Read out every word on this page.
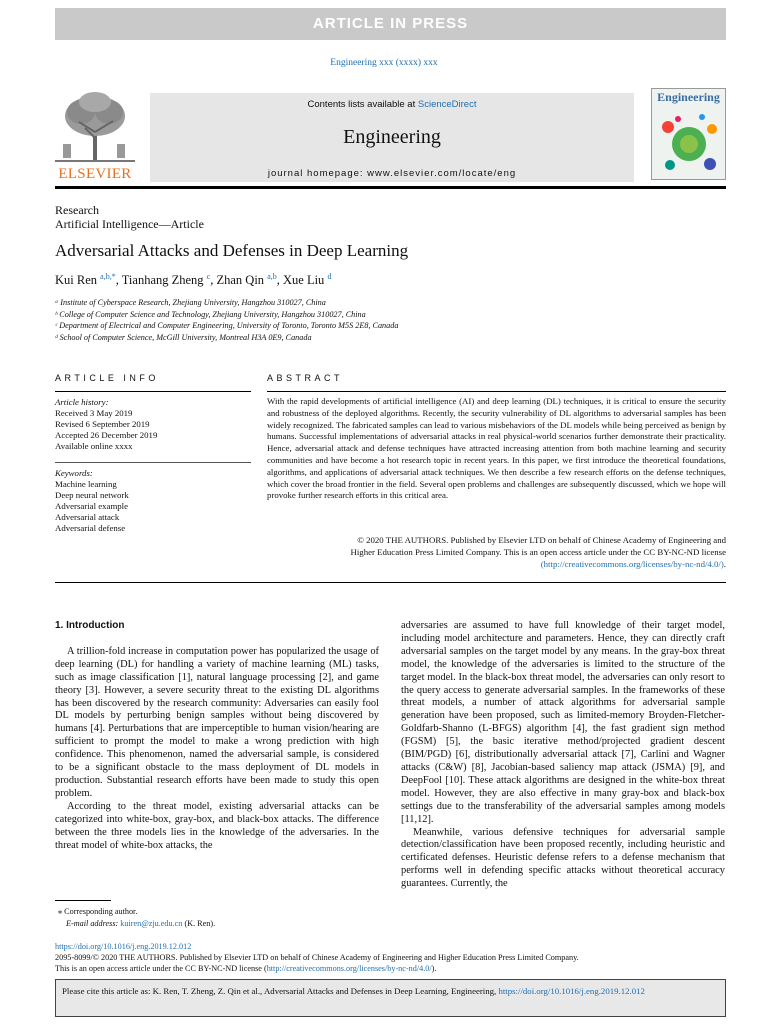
ARTICLE IN PRESS
Engineering xxx (xxxx) xxx
ELSEVIER
Contents lists available at ScienceDirect
Engineering
journal homepage: www.elsevier.com/locate/eng
Engineering
Research
Artificial Intelligence—Article
Adversarial Attacks and Defenses in Deep Learning
Kui Ren $^{a,b,*}$, Tianhang Zheng $^c$, Zhan Qin $^{a,b}$, Xue Liu $^d$
ᵃ Institute of Cyberspace Research, Zhejiang University, Hangzhou 310027, China
ᵇ College of Computer Science and Technology, Zhejiang University, Hangzhou 310027, China
ᶜ Department of Electrical and Computer Engineering, University of Toronto, Toronto M5S 2E8, Canada
ᵈ School of Computer Science, McGill University, Montreal H3A 0E9, Canada
ARTICLE INFO	ABSTRACT
Article history:
Received 3 May 2019
Revised 6 September 2019
Accepted 26 December 2019
Available online xxxx
Keywords:
Machine learning
Deep neural network
Adversarial example
Adversarial attack
Adversarial defense
With the rapid developments of artificial intelligence (AI) and deep learning (DL) techniques, it is critical to ensure the security and robustness of the deployed algorithms. Recently, the security vulnerability of DL algorithms to adversarial samples has been widely recognized. The fabricated samples can lead to various misbehaviors of the DL models while being perceived as benign by humans. Successful implementations of adversarial attacks in real physical-world scenarios further demonstrate their practicality. Hence, adversarial attack and defense techniques have attracted increasing attention from both machine learning and security communities and have become a hot research topic in recent years. In this paper, we first introduce the theoretical foundations, algorithms, and applications of adversarial attack techniques. We then describe a few research efforts on the defense techniques, which cover the broad frontier in the field. Several open problems and challenges are subsequently discussed, which we hope will provoke further research efforts in this critical area.
© 2020 THE AUTHORS. Published by Elsevier LTD on behalf of Chinese Academy of Engineering and
Higher Education Press Limited Company. This is an open access article under the CC BY-NC-ND license
(http://creativecommons.org/licenses/by-nc-nd/4.0/).
1. Introduction

A trillion-fold increase in computation power has popularized the usage of deep learning (DL) for handling a variety of machine learning (ML) tasks, such as image classification [1], natural language processing [2], and game theory [3]. However, a severe security threat to the existing DL algorithms has been discovered by the research community: Adversaries can easily fool DL models by perturbing benign samples without being discovered by humans [4]. Perturbations that are imperceptible to human vision/hearing are sufficient to prompt the model to make a wrong prediction with high confidence. This phenomenon, named the adversarial sample, is considered to be a significant obstacle to the mass deployment of DL models in production. Substantial research efforts have been made to study this open problem.

According to the threat model, existing adversarial attacks can be categorized into white-box, gray-box, and black-box attacks. The difference between the three models lies in the knowledge of the adversaries. In the threat model of white-box attacks, the

adversaries are assumed to have full knowledge of their target model, including model architecture and parameters. Hence, they can directly craft adversarial samples on the target model by any means. In the gray-box threat model, the knowledge of the adversaries is limited to the structure of the target model. In the black-box threat model, the adversaries can only resort to the query access to generate adversarial samples. In the frameworks of these threat models, a number of attack algorithms for adversarial sample generation have been proposed, such as limited-memory Broyden-Fletcher-Goldfarb-Shanno (L-BFGS) algorithm [4], the fast gradient sign method (FGSM) [5], the basic iterative method/projected gradient descent (BIM/PGD) [6], distributionally adversarial attack [7], Carlini and Wagner attacks (C&W) [8], Jacobian-based saliency map attack (JSMA) [9], and DeepFool [10]. These attack algorithms are designed in the white-box threat model. However, they are also effective in many gray-box and black-box settings due to the transferability of the adversarial samples among models [11,12].

Meanwhile, various defensive techniques for adversarial sample detection/classification have been proposed recently, including heuristic and certificated defenses. Heuristic defense refers to a defense mechanism that performs well in defending specific attacks without theoretical accuracy guarantees. Currently, the

⁎ Corresponding author.
E-mail address: kuiren@zju.edu.cn (K. Ren).
https://doi.org/10.1016/j.eng.2019.12.012
2095-8099/© 2020 THE AUTHORS. Published by Elsevier LTD on behalf of Chinese Academy of Engineering and Higher Education Press Limited Company.
This is an open access article under the CC BY-NC-ND license (http://creativecommons.org/licenses/by-nc-nd/4.0/).
Please cite this article as: K. Ren, T. Zheng, Z. Qin et al., Adversarial Attacks and Defenses in Deep Learning, Engineering, https://doi.org/10.1016/j.eng.2019.12.012
